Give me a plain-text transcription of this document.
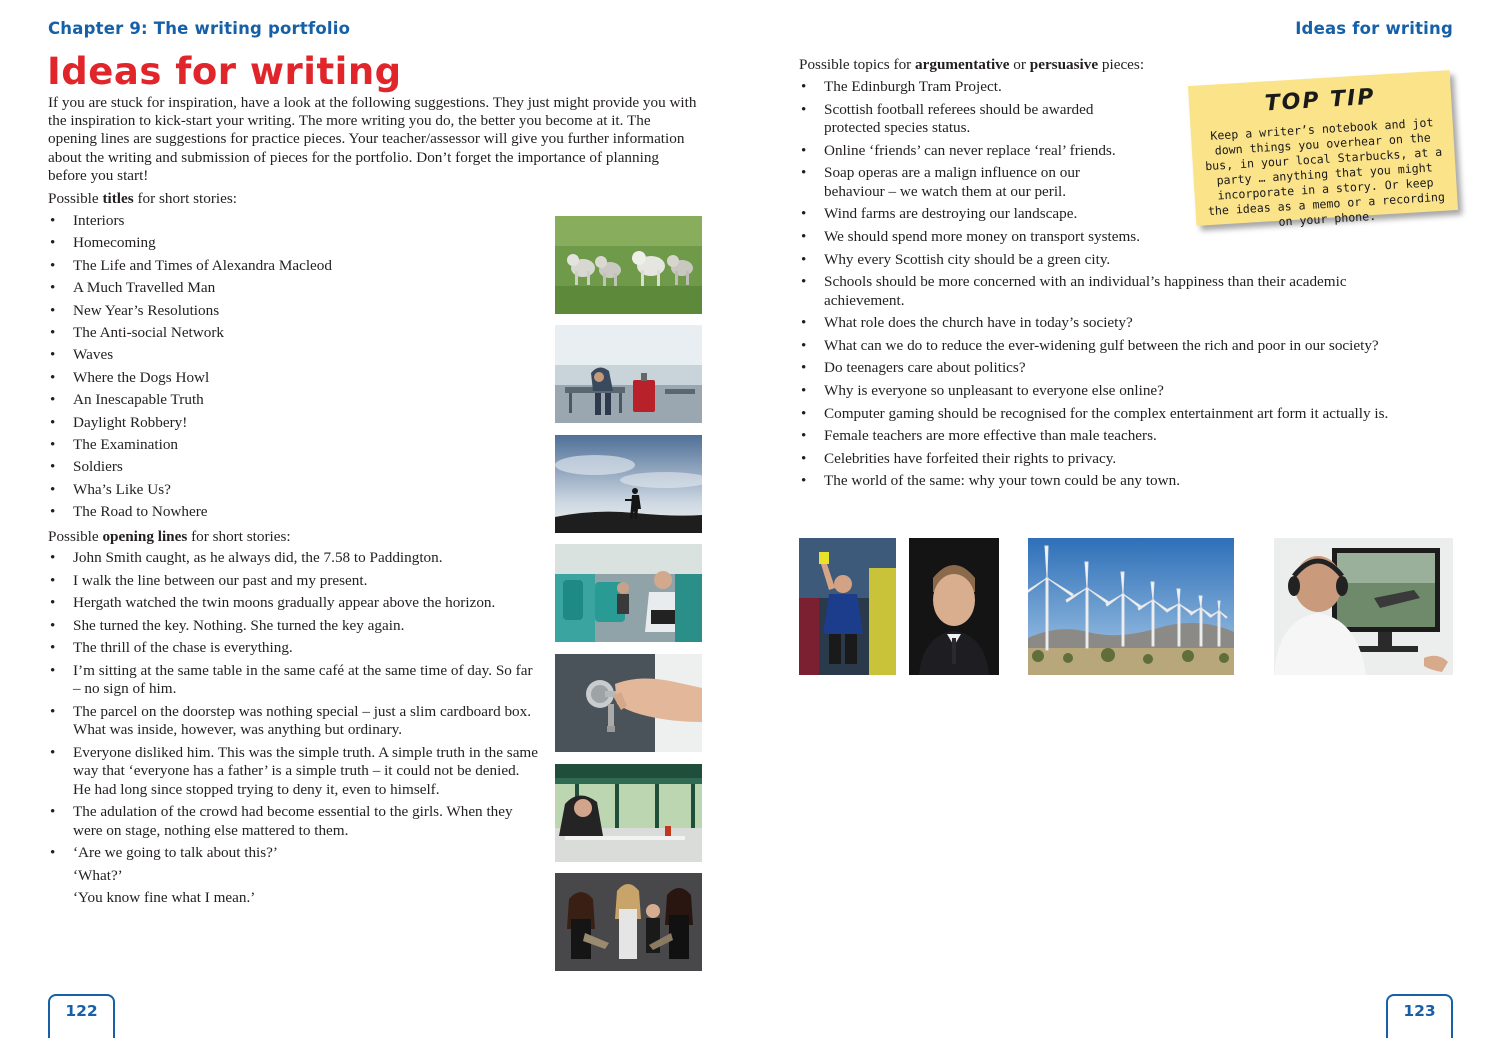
Chapter 9: The writing portfolio
Ideas for writing

If you are stuck for inspiration, have a look at the following suggestions. They just might provide you with the inspiration to kick-start your writing. The more writing you do, the better you become at it. The opening lines are suggestions for practice pieces. Your teacher/assessor will give you further information about the writing and submission of pieces for the portfolio. Don’t forget the importance of planning before you start!

Possible titles for short stories:

• Interiors
• Homecoming
• The Life and Times of Alexandra Macleod
• A Much Travelled Man
• New Year’s Resolutions
• The Anti-social Network
• Waves
• Where the Dogs Howl
• An Inescapable Truth
• Daylight Robbery!
• The Examination
• Soldiers
• Wha’s Like Us?
• The Road to Nowhere

Possible opening lines for short stories:

• John Smith caught, as he always did, the 7.58 to Paddington.
• I walk the line between our past and my present.
• Hergath watched the twin moons gradually appear above the horizon.
• She turned the key. Nothing. She turned the key again.
• The thrill of the chase is everything.
• I’m sitting at the same table in the same café at the same time of day. So far – no sign of him.
• The parcel on the doorstep was nothing special – just a slim cardboard box. What was inside, however, was anything but ordinary.
• Everyone disliked him. This was the simple truth. A simple truth in the same way that ‘everyone has a father’ is a simple truth – it could not be denied. He had long since stopped trying to deny it, even to himself.
• The adulation of the crowd had become essential to the girls. When they were on stage, nothing else mattered to them.
• ‘Are we going to talk about this?’
‘What?’
‘You know fine what I mean.’
122
Ideas for writing

Possible topics for argumentative or persuasive pieces:

• The Edinburgh Tram Project.
• Scottish football referees should be awarded protected species status.
• Online ‘friends’ can never replace ‘real’ friends.
• Soap operas are a malign influence on our behaviour – we watch them at our peril.
• Wind farms are destroying our landscape.
• We should spend more money on transport systems.
• Why every Scottish city should be a green city.
• Schools should be more concerned with an individual’s happiness than their academic achievement.
• What role does the church have in today’s society?
• What can we do to reduce the ever-widening gulf between the rich and poor in our society?
• Do teenagers care about politics?
• Why is everyone so unpleasant to everyone else online?
• Computer gaming should be recognised for the complex entertainment art form it actually is.
• Female teachers are more effective than male teachers.
• Celebrities have forfeited their rights to privacy.
• The world of the same: why your town could be any town.
TOP TIP
Keep a writer’s notebook and jot down things you overhear on the bus, in your local Starbucks, at a party … anything that you might incorporate in a story. Or keep the ideas as a memo or a recording on your phone.
123
